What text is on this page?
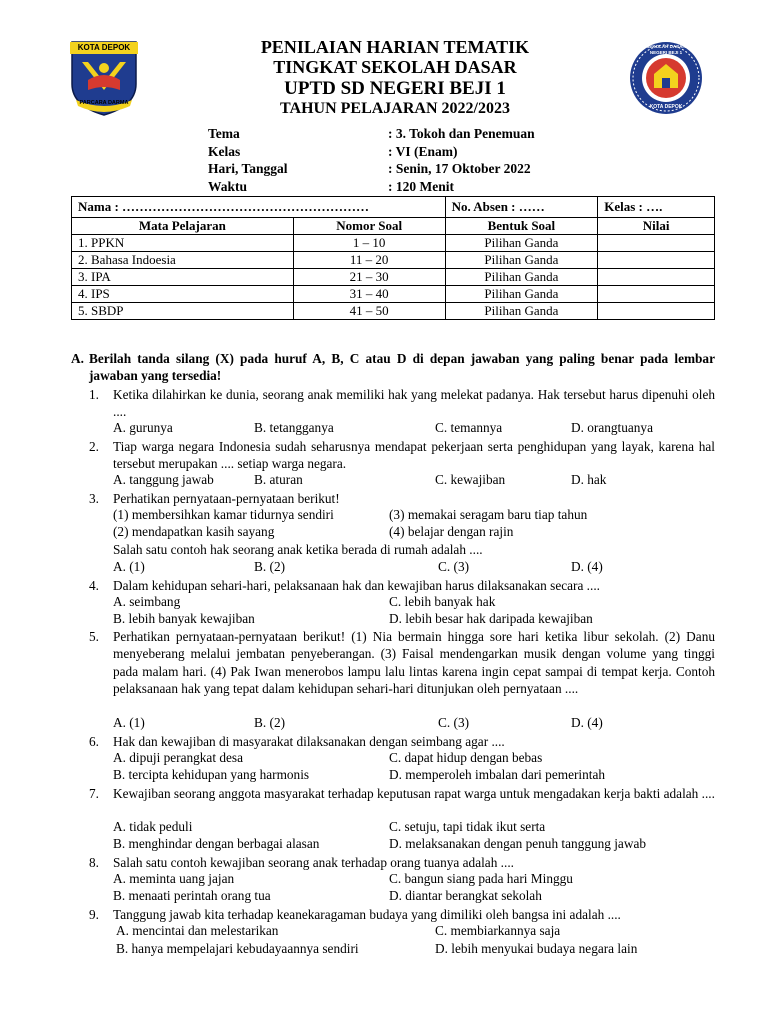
KOTA DEPOK
PARCARA DARMA
SEKOLAH DASAR NEGERI BEJI 1
KOTA DEPOK
PENILAIAN HARIAN TEMATIK
TINGKAT SEKOLAH DASAR
UPTD SD NEGERI BEJI 1
TAHUN PELAJARAN 2022/2023
Tema	: 3. Tokoh dan Penemuan
Kelas	: VI (Enam)
Hari, Tanggal	: Senin, 17 Oktober 2022
Waktu	: 120 Menit
Nama : …………………………………………………		No. Absen : ……	Kelas : ….
Mata Pelajaran	Nomor Soal	Bentuk Soal	Nilai
1. PPKN	1 – 10	Pilihan Ganda	
2. Bahasa Indoesia	11 – 20	Pilihan Ganda	
3. IPA	21 – 30	Pilihan Ganda	
4. IPS	31 – 40	Pilihan Ganda	
5. SBDP	41 – 50	Pilihan Ganda	
A. Berilah tanda silang (X) pada huruf A, B, C atau D di depan jawaban yang paling benar pada lembar jawaban yang tersedia!
1.	Ketika dilahirkan ke dunia, seorang anak memiliki hak yang melekat padanya. Hak tersebut harus dipenuhi oleh ....
A. gurunya	B. tetangganya	C. temannya	D. orangtuanya
2.	Tiap warga negara Indonesia sudah seharusnya mendapat pekerjaan serta penghidupan yang layak, karena hal tersebut merupakan .... setiap warga negara.
A. tanggung jawab	B. aturan	C. kewajiban	D. hak
3.	Perhatikan pernyataan-pernyataan berikut!
(1) membersihkan kamar tidurnya sendiri	(3) memakai seragam baru tiap tahun
(2) mendapatkan kasih sayang	(4) belajar dengan rajin
Salah satu contoh hak seorang anak ketika berada di rumah adalah ....
A. (1)	B. (2)	C. (3)	D. (4)
4.	Dalam kehidupan sehari-hari, pelaksanaan hak dan kewajiban harus dilaksanakan secara ....
A. seimbang	C. lebih banyak hak
B. lebih banyak kewajiban	D. lebih besar hak daripada kewajiban
5.	Perhatikan pernyataan-pernyataan berikut! (1) Nia bermain hingga sore hari ketika libur sekolah. (2) Danu menyeberang melalui jembatan penyeberangan. (3) Faisal mendengarkan musik dengan volume yang tinggi pada malam hari. (4) Pak Iwan menerobos lampu lalu lintas karena ingin cepat sampai di tempat kerja. Contoh pelaksanaan hak yang tepat dalam kehidupan sehari-hari ditunjukan oleh pernyataan ....
A. (1)	B. (2)	C. (3)	D. (4)
6.	Hak dan kewajiban di masyarakat dilaksanakan dengan seimbang agar ....
A. dipuji perangkat desa	C. dapat hidup dengan bebas
B. tercipta kehidupan yang harmonis	D. memperoleh imbalan dari pemerintah
7.	Kewajiban seorang anggota masyarakat terhadap keputusan rapat warga untuk mengadakan kerja bakti adalah ....
A. tidak peduli	C. setuju, tapi tidak ikut serta
B. menghindar dengan berbagai alasan	D. melaksanakan dengan penuh tanggung jawab
8.	Salah satu contoh kewajiban seorang anak terhadap orang tuanya adalah ....
A. meminta uang jajan	C. bangun siang pada hari Minggu
B. menaati perintah orang tua	D. diantar berangkat sekolah
9.	Tanggung jawab kita terhadap keanekaragaman budaya yang dimiliki oleh bangsa ini adalah ....
A. mencintai dan melestarikan	C. membiarkannya saja
B. hanya mempelajari kebudayaannya sendiri	D. lebih menyukai budaya negara lain
